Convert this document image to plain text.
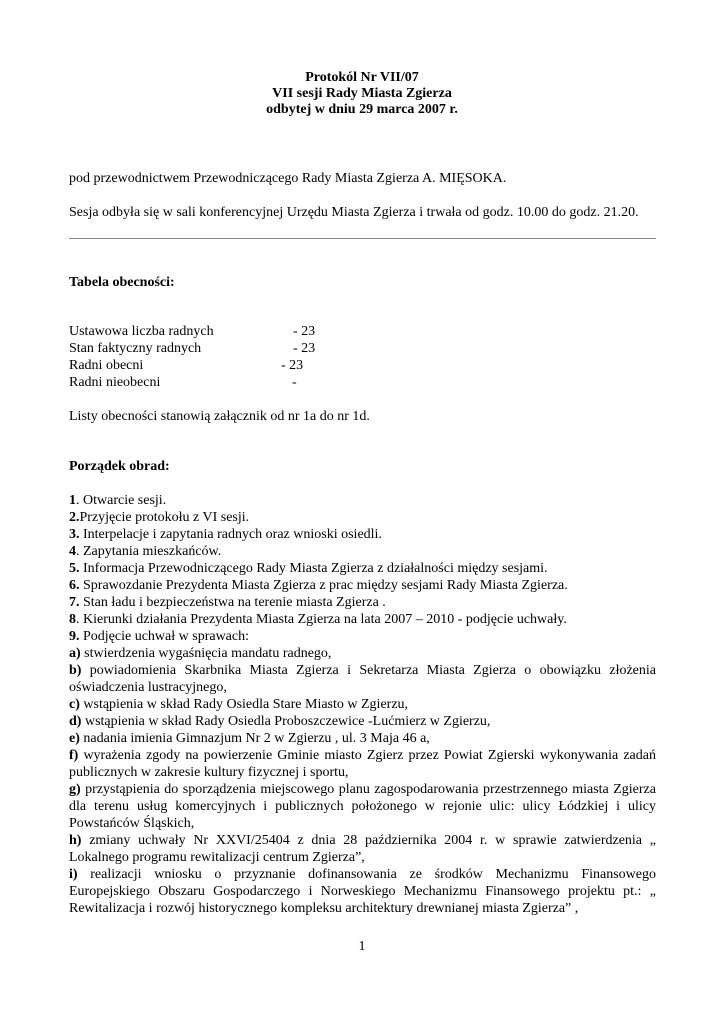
Protokól Nr VII/07
VII sesji Rady Miasta Zgierza
odbytej w dniu 29 marca 2007 r.

pod przewodnictwem Przewodniczącego Rady Miasta Zgierza A. MIĘSOKA.

Sesja odbyła się w sali konferencyjnej Urzędu Miasta Zgierza i trwała od godz. 10.00 do godz. 21.20.

Tabela obecności:

Ustawowa liczba radnych	- 23
Stan faktyczny radnych	- 23
Radni obecni	- 23
Radni nieobecni	-

Listy obecności stanowią załącznik od nr 1a do nr 1d.

Porządek obrad:

1. Otwarcie sesji.
2.Przyjęcie protokołu z VI sesji.
3. Interpelacje i zapytania radnych oraz wnioski osiedli.
4. Zapytania mieszkańców.
5. Informacja Przewodniczącego Rady Miasta Zgierza z działalności między sesjami.
6. Sprawozdanie Prezydenta Miasta Zgierza z prac między sesjami Rady Miasta Zgierza.
7. Stan ładu i bezpieczeństwa na terenie miasta Zgierza .
8. Kierunki działania Prezydenta Miasta Zgierza na lata 2007 – 2010 - podjęcie uchwały.
9. Podjęcie uchwał w sprawach:
a) stwierdzenia wygaśnięcia mandatu radnego,
b) powiadomienia Skarbnika Miasta Zgierza i Sekretarza Miasta Zgierza o obowiązku złożenia oświadczenia lustracyjnego,
c) wstąpienia w skład Rady Osiedla Stare Miasto w Zgierzu,
d) wstąpienia w skład Rady Osiedla Proboszczewice -Lućmierz w Zgierzu,
e) nadania imienia Gimnazjum Nr 2 w Zgierzu , ul. 3 Maja 46 a,
f) wyrażenia zgody na powierzenie Gminie miasto Zgierz przez Powiat Zgierski wykonywania zadań publicznych w zakresie kultury fizycznej i sportu,
g) przystąpienia do sporządzenia miejscowego planu zagospodarowania przestrzennego miasta Zgierza dla terenu usług komercyjnych i publicznych położonego w rejonie ulic: ulicy Łódzkiej i ulicy Powstańców Śląskich,
h) zmiany uchwały Nr XXVI/25404 z dnia 28 października 2004 r. w sprawie zatwierdzenia „ Lokalnego programu rewitalizacji centrum Zgierza”,
i) realizacji wniosku o przyznanie dofinansowania ze środków Mechanizmu Finansowego Europejskiego Obszaru Gospodarczego i Norweskiego Mechanizmu Finansowego projektu pt.: „ Rewitalizacja i rozwój historycznego kompleksu architektury drewnianej miasta Zgierza” ,
1
